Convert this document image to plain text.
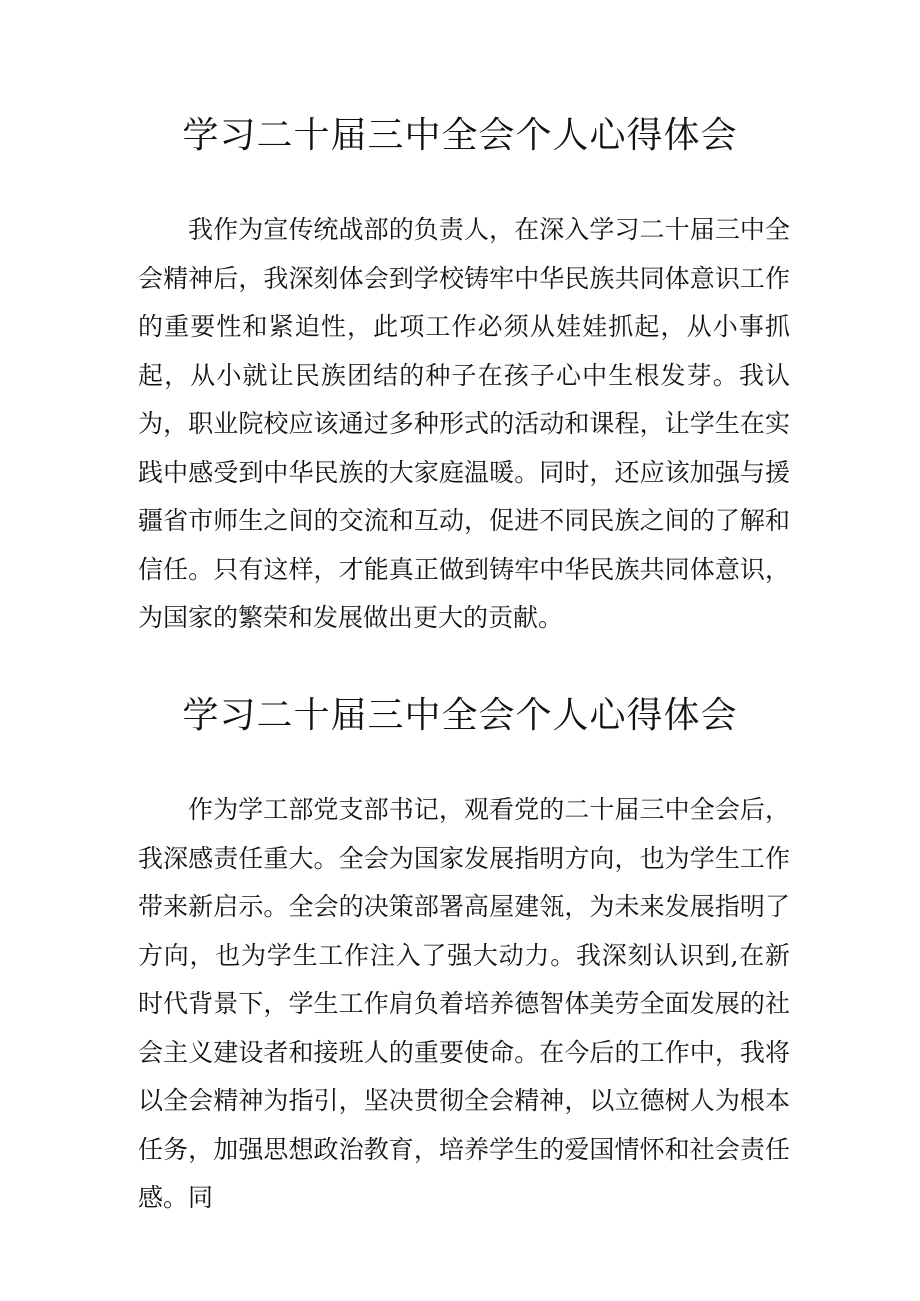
学习二十届三中全会个人心得体会

我作为宣传统战部的负责人，在深入学习二十届三中全会精神后，我深刻体会到学校铸牢中华民族共同体意识工作的重要性和紧迫性，此项工作必须从娃娃抓起，从小事抓起，从小就让民族团结的种子在孩子心中生根发芽。我认为，职业院校应该通过多种形式的活动和课程，让学生在实践中感受到中华民族的大家庭温暖。同时，还应该加强与援疆省市师生之间的交流和互动，促进不同民族之间的了解和信任。只有这样，才能真正做到铸牢中华民族共同体意识，为国家的繁荣和发展做出更大的贡献。

学习二十届三中全会个人心得体会

作为学工部党支部书记，观看党的二十届三中全会后，我深感责任重大。全会为国家发展指明方向，也为学生工作带来新启示。全会的决策部署高屋建瓴，为未来发展指明了方向，也为学生工作注入了强大动力。我深刻认识到,在新时代背景下，学生工作肩负着培养德智体美劳全面发展的社会主义建设者和接班人的重要使命。在今后的工作中，我将以全会精神为指引，坚决贯彻全会精神，以立德树人为根本任务，加强思想政治教育，培养学生的爱国情怀和社会责任感。同
